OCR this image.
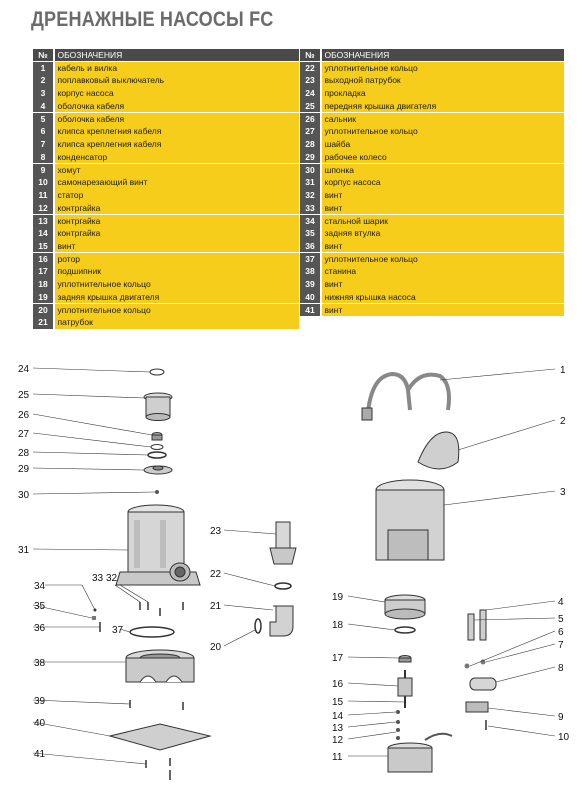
ДРЕНАЖНЫЕ НАСОСЫ FC
№	ОБОЗНАЧЕНИЯ
1	кабель и вилка
2	поплавковый выключатель
3	корпус насоса
4	оболочка кабеля
5	оболочка кабеля
6	клипса креплегния кабеля
7	клипса креплегния кабеля
8	конденсатор
9	хомут
10	самонарезающий винт
11	статор
12	контргайка
13	контргайка
14	контргайка
15	винт
16	ротор
17	подшипник
18	уплотнительное кольцо
19	задняя крышка двигателя
20	уплотнительное кольцо
21	патрубок
№	ОБОЗНАЧЕНИЯ
22	уплотнительное кольцо
23	выходной патрубок
24	прокладка
25	передняя крышка двигателя
26	сальник
27	уплотнительное кольцо
28	шайба
29	рабочее колесо
30	шпонка
31	корпус насоса
32	винт
33	винт
34	стальной шарик
35	задняя втулка
36	винт
37	уплотнительное кольцо
38	станина
39	винт
40	нижняя крышка насоса
41	винт
24
25
26
27
28
29
30
31
34
33 32
35
36	37
38
39
40
41
23
22
21
20
1
2
3
19
18
17
16
15
14
13
12
11
4
5
6
7
8
9
10
